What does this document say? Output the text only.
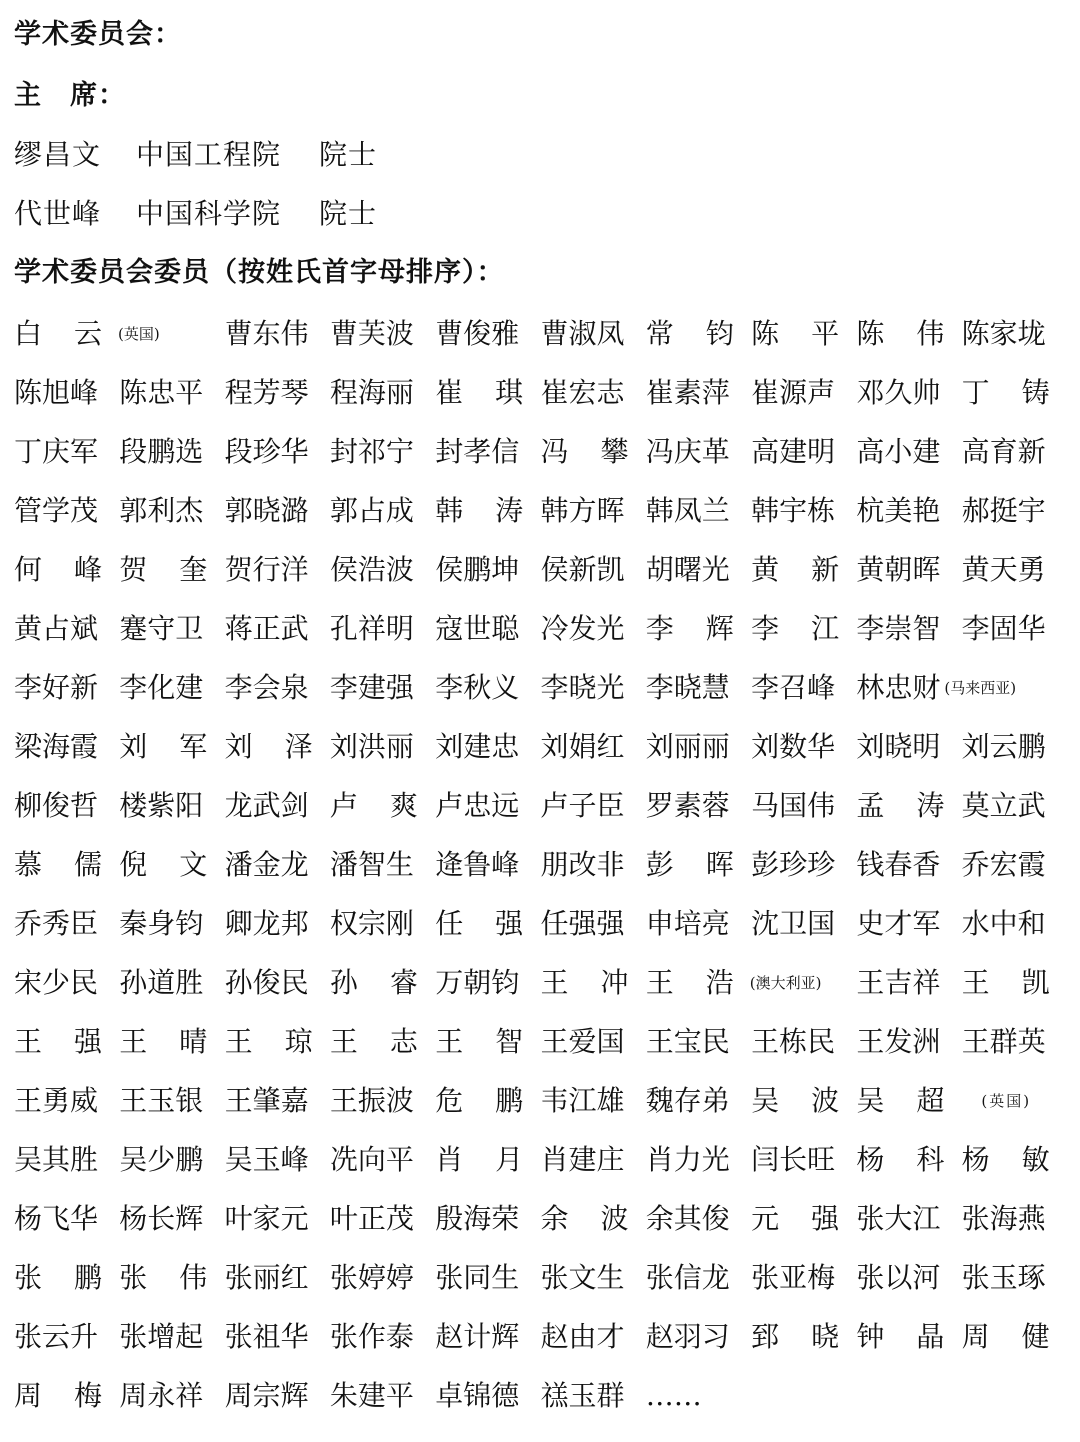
学术委员会：
主　席：
缪昌文 中国工程院 院士
代世峰 中国科学院 院士
学术委员会委员（按姓氏首字母排序）：
白云 (英国) 曹东伟 曹芙波 曹俊雅 曹淑凤 常钧 陈平 陈伟 陈家垅
陈旭峰 陈忠平 程芳琴 程海丽 崔琪 崔宏志 崔素萍 崔源声 邓久帅 丁铸
丁庆军 段鹏选 段珍华 封祁宁 封孝信 冯攀 冯庆革 高建明 高小建 高育新
管学茂 郭利杰 郭晓潞 郭占成 韩涛 韩方晖 韩凤兰 韩宇栋 杭美艳 郝挺宇
何峰 贺奎 贺行洋 侯浩波 侯鹏坤 侯新凯 胡曙光 黄新 黄朝晖 黄天勇
黄占斌 蹇守卫 蒋正武 孔祥明 寇世聪 冷发光 李辉 李江 李崇智 李固华
李好新 李化建 李会泉 李建强 李秋义 李晓光 李晓慧 李召峰 林忠财 (马来西亚)
梁海霞 刘军 刘泽 刘洪丽 刘建忠 刘娟红 刘丽丽 刘数华 刘晓明 刘云鹏
柳俊哲 楼紫阳 龙武剑 卢爽 卢忠远 卢子臣 罗素蓉 马国伟 孟涛 莫立武
慕儒 倪文 潘金龙 潘智生 逄鲁峰 朋改非 彭晖 彭珍珍 钱春香 乔宏霞
乔秀臣 秦身钧 卿龙邦 权宗刚 任强 任强强 申培亮 沈卫国 史才军 水中和
宋少民 孙道胜 孙俊民 孙睿 万朝钧 王冲 王浩 (澳大利亚) 王吉祥 王凯
王强 王晴 王琼 王志 王智 王爱国 王宝民 王栋民 王发洲 王群英
王勇威 王玉银 王肇嘉 王振波 危鹏 韦江雄 魏存弟 吴波 吴超 (英国)
吴其胜 吴少鹏 吴玉峰 冼向平 肖月 肖建庄 肖力光 闫长旺 杨科 杨敏
杨飞华 杨长辉 叶家元 叶正茂 殷海荣 余波 余其俊 元强 张大江 张海燕
张鹏 张伟 张丽红 张婷婷 张同生 张文生 张信龙 张亚梅 张以河 张玉琢
张云升 张增起 张祖华 张作泰 赵计辉 赵由才 赵羽习 郅晓 钟晶 周健
周梅 周永祥 周宗辉 朱建平 卓锦德 禚玉群 ……
